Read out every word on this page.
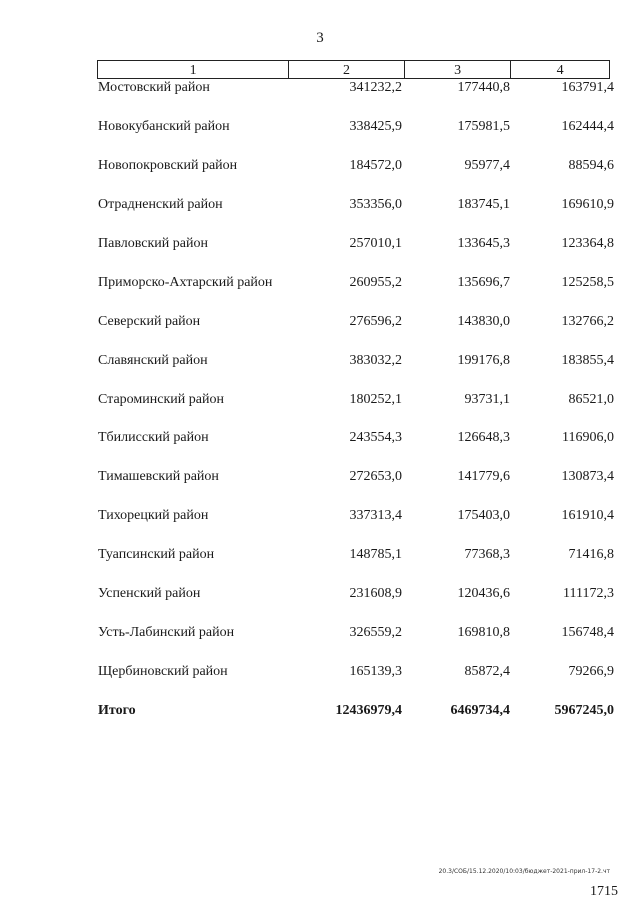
3
1	2	3	4
Мостовский район	341232,2	177440,8	163791,4
Новокубанский район	338425,9	175981,5	162444,4
Новопокровский район	184572,0	95977,4	88594,6
Отрадненский район	353356,0	183745,1	169610,9
Павловский район	257010,1	133645,3	123364,8
Приморско-Ахтарский район	260955,2	135696,7	125258,5
Северский район	276596,2	143830,0	132766,2
Славянский район	383032,2	199176,8	183855,4
Староминский район	180252,1	93731,1	86521,0
Тбилисский район	243554,3	126648,3	116906,0
Тимашевский район	272653,0	141779,6	130873,4
Тихорецкий район	337313,4	175403,0	161910,4
Туапсинский район	148785,1	77368,3	71416,8
Успенский район	231608,9	120436,6	111172,3
Усть-Лабинский район	326559,2	169810,8	156748,4
Щербиновский район	165139,3	85872,4	79266,9
Итого	12436979,4	6469734,4	5967245,0
20.3/СОБ/15.12.2020/10:03/бюджет-2021-прил-17-2.чт
1715
